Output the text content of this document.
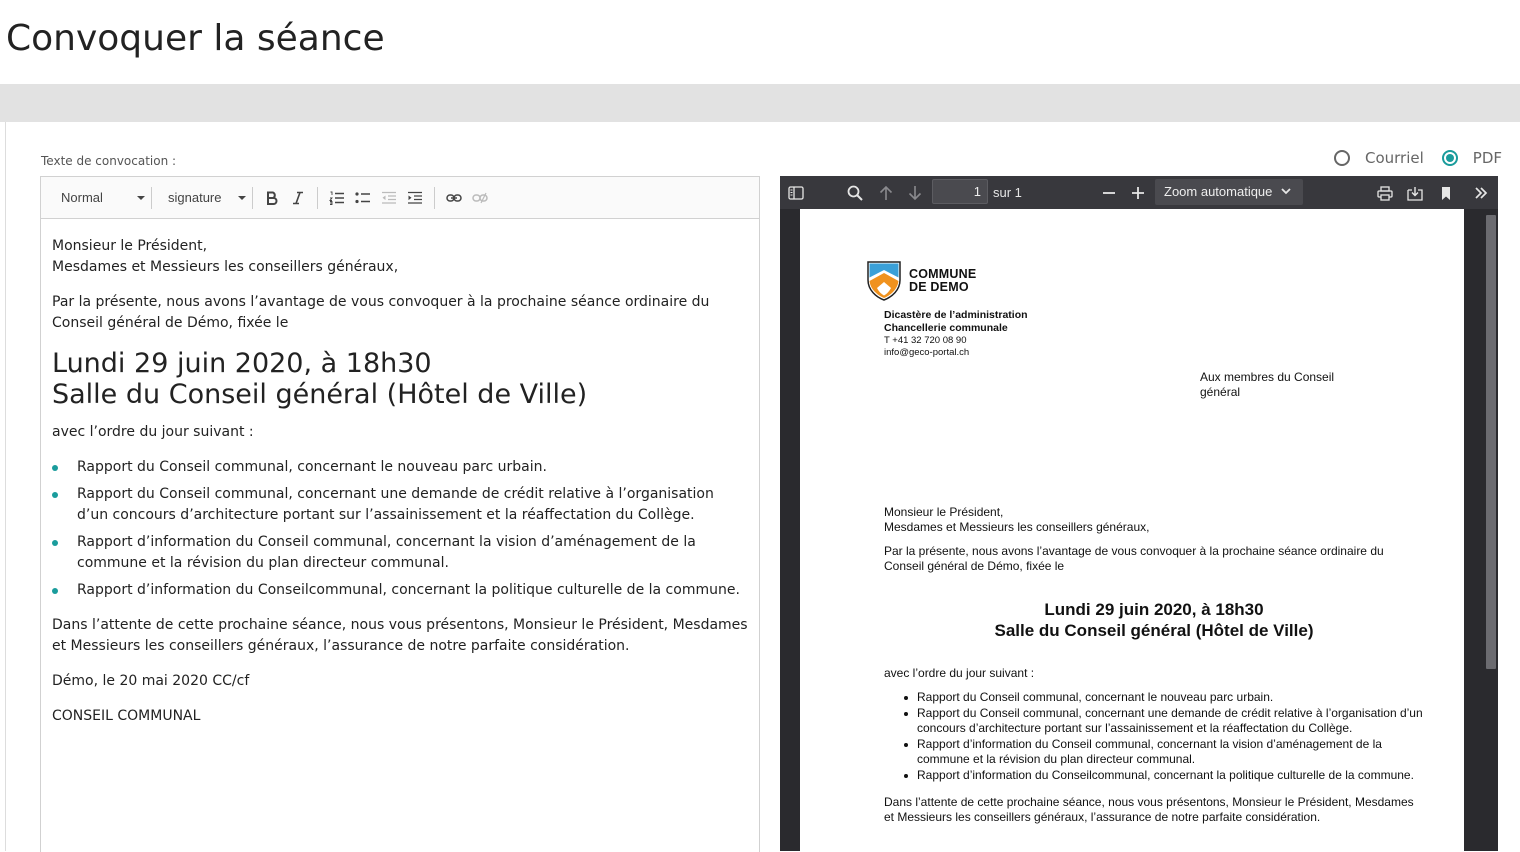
Convoquer la séance
Texte de convocation :	Courriel	PDF
Normal	signature

Monsieur le Président,
Mesdames et Messieurs les conseillers généraux,

Par la présente, nous avons l’avantage de vous convoquer à la prochaine séance ordinaire du Conseil général de Démo, fixée le

Lundi 29 juin 2020, à 18h30
Salle du Conseil général (Hôtel de Ville)

avec l’ordre du jour suivant :

Rapport du Conseil communal, concernant le nouveau parc urbain.
Rapport du Conseil communal, concernant une demande de crédit relative à l’organisation d’un concours d’architecture portant sur l’assainissement et la réaffectation du Collège.
Rapport d’information du Conseil communal, concernant la vision d’aménagement de la commune et la révision du plan directeur communal.
Rapport d’information du Conseilcommunal, concernant la politique culturelle de la commune.

Dans l’attente de cette prochaine séance, nous vous présentons, Monsieur le Président, Mesdames et Messieurs les conseillers généraux, l’assurance de notre parfaite considération.

Démo, le 20 mai 2020 CC/cf

CONSEIL COMMUNAL

1 sur 1	Zoom automatique
COMMUNE
DE DEMO
Dicastère de l’administration
Chancellerie communale
T +41 32 720 08 90
info@geco-portal.ch
Aux membres du Conseil
général

Monsieur le Président,
Mesdames et Messieurs les conseillers généraux,

Par la présente, nous avons l’avantage de vous convoquer à la prochaine séance ordinaire du Conseil général de Démo, fixée le

Lundi 29 juin 2020, à 18h30
Salle du Conseil général (Hôtel de Ville)

avec l’ordre du jour suivant :

Rapport du Conseil communal, concernant le nouveau parc urbain.
Rapport du Conseil communal, concernant une demande de crédit relative à l’organisation d’un concours d’architecture portant sur l’assainissement et la réaffectation du Collège.
Rapport d’information du Conseil communal, concernant la vision d’aménagement de la commune et la révision du plan directeur communal.
Rapport d’information du Conseilcommunal, concernant la politique culturelle de la commune.

Dans l’attente de cette prochaine séance, nous vous présentons, Monsieur le Président, Mesdames et Messieurs les conseillers généraux, l’assurance de notre parfaite considération.
